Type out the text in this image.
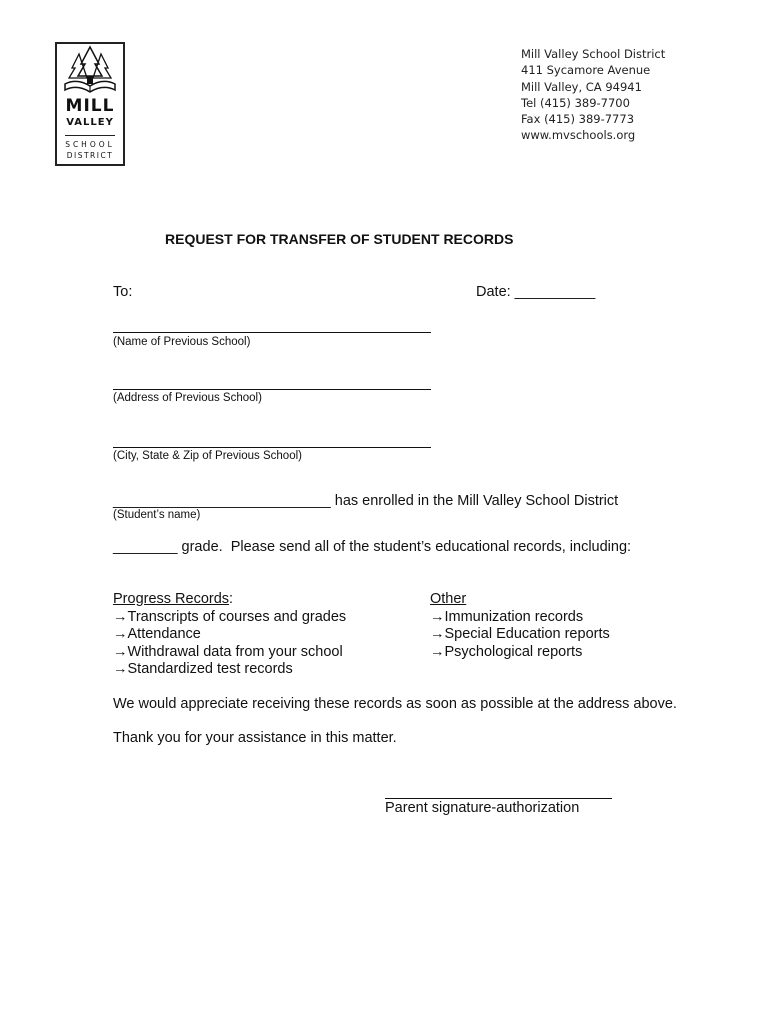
MILL
VALLEY
SCHOOL
DISTRICT
Mill Valley School District
411 Sycamore Avenue
Mill Valley, CA 94941
Tel (415) 389-7700
Fax (415) 389-7773
www.mvschools.org
REQUEST FOR TRANSFER OF STUDENT RECORDS
To:	Date: __________
(Name of Previous School)
(Address of Previous School)
(City, State & Zip of Previous School)
___________________________ has enrolled in the Mill Valley School District
(Student’s name)
________ grade.  Please send all of the student’s educational records, including:
Progress Records:
→Transcripts of courses and grades
→Attendance
→Withdrawal data from your school
→Standardized test records
Other
→Immunization records
→Special Education reports
→Psychological reports
We would appreciate receiving these records as soon as possible at the address above.
Thank you for your assistance in this matter.
Parent signature-authorization
